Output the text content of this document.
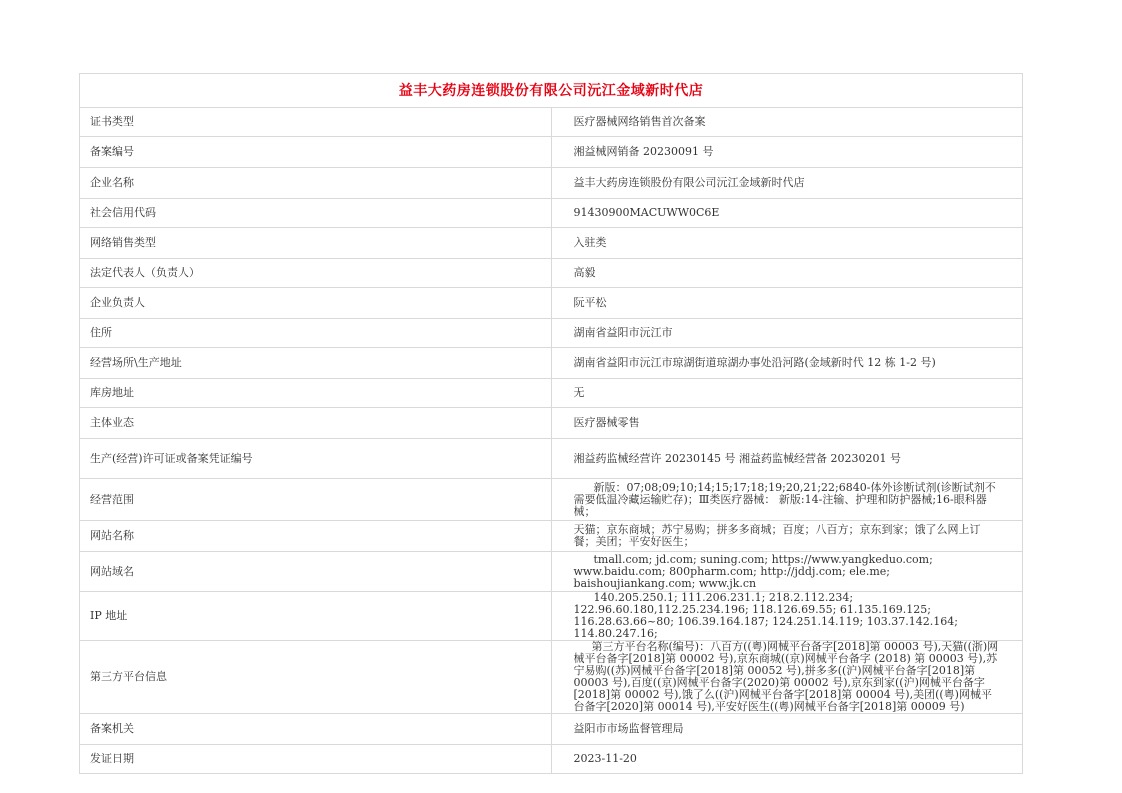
益丰大药房连锁股份有限公司沅江金域新时代店	
证书类型	医疗器械网络销售首次备案
备案编号	湘益械网销备 20230091 号
企业名称	益丰大药房连锁股份有限公司沅江金域新时代店
社会信用代码	91430900MACUWW0C6E
网络销售类型	入驻类
法定代表人（负责人）	高毅
企业负责人	阮平松
住所	湖南省益阳市沅江市
经营场所\生产地址	湖南省益阳市沅江市琼湖街道琼湖办事处沿河路(金域新时代 12 栋 1-2 号)
库房地址	无
主体业态	医疗器械零售
生产(经营)许可证或备案凭证编号	湘益药监械经营许 20230145 号 湘益药监械经营备 20230201 号
经营范围	新版：07;08;09;10;14;15;17;18;19;20,21;22;6840-体外诊断试剂(诊断试剂不需要低温冷藏运输贮存)；Ⅲ类医疗器械： 新版:14-注输、护理和防护器械;16-眼科器械；
网站名称	天猫；京东商城；苏宁易购；拼多多商城；百度；八百方；京东到家；饿了么网上订餐；美团；平安好医生；
网站域名	tmall.com; jd.com; suning.com; https://www.yangkeduo.com; www.baidu.com; 800pharm.com; http://jddj.com; ele.me; baishoujiankang.com; www.jk.cn
IP 地址	140.205.250.1; 111.206.231.1; 218.2.112.234; 122.96.60.180,112.25.234.196; 118.126.69.55; 61.135.169.125; 116.28.63.66~80; 106.39.164.187; 124.251.14.119; 103.37.142.164; 114.80.247.16;
第三方平台信息	第三方平台名称(编号)：八百方((粤)网械平台备字[2018]第 00003 号),天猫((浙)网械平台备字[2018]第 00002 号),京东商城((京)网械平台备字 (2018) 第 00003 号),苏宁易购((苏)网械平台备字[2018]第 00052 号),拼多多((沪)网械平台备字[2018]第 00003 号),百度((京)网械平台备字(2020)第 00002 号),京东到家((沪)网械平台备字[2018]第 00002 号),饿了么((沪)网械平台备字[2018]第 00004 号),美团((粤)网械平台备字[2020]第 00014 号),平安好医生((粤)网械平台备字[2018]第 00009 号)
备案机关	益阳市市场监督管理局
发证日期	2023-11-20
